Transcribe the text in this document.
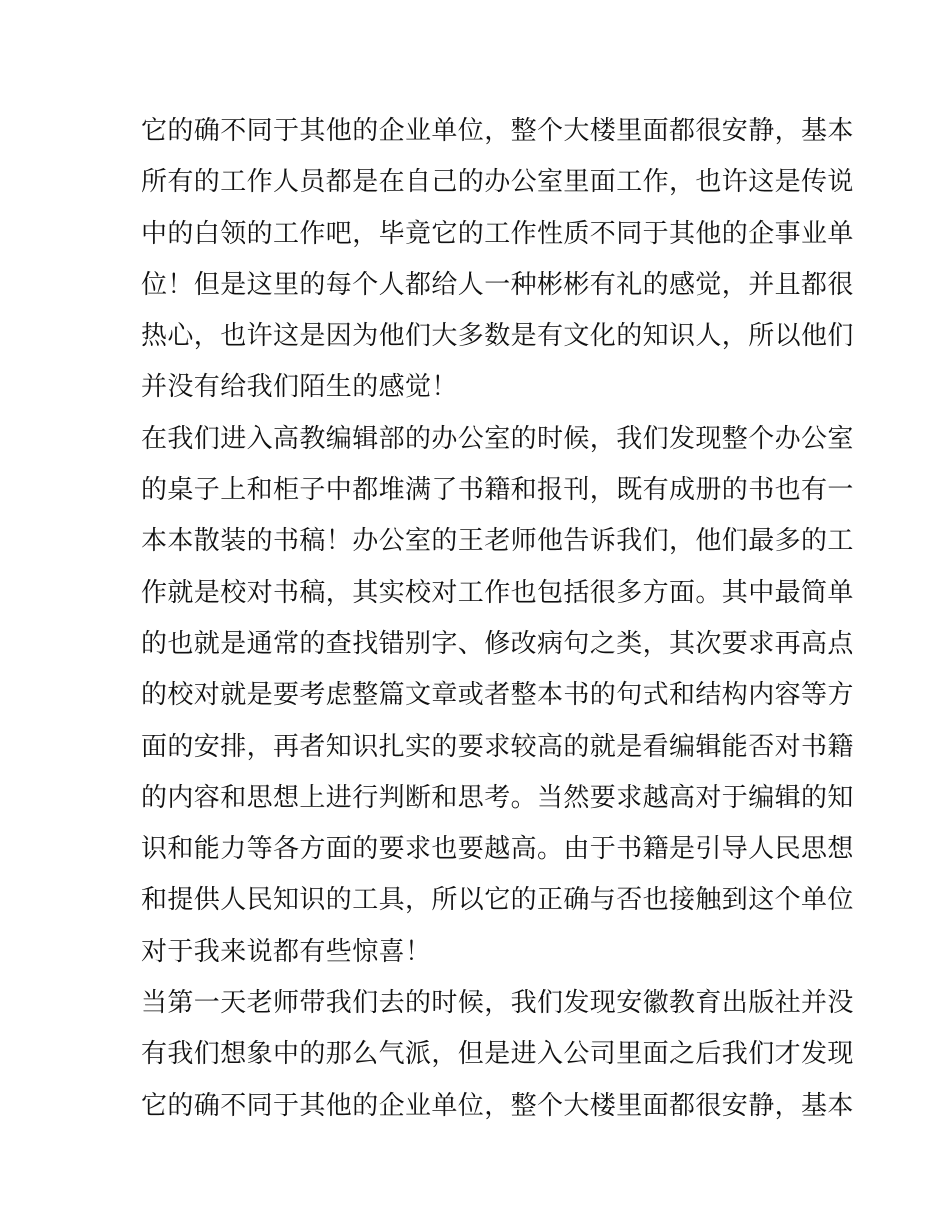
它的确不同于其他的企业单位，整个大楼里面都很安静，基本
所有的工作人员都是在自己的办公室里面工作，也许这是传说
中的白领的工作吧，毕竟它的工作性质不同于其他的企事业单
位！但是这里的每个人都给人一种彬彬有礼的感觉，并且都很
热心，也许这是因为他们大多数是有文化的知识人，所以他们
并没有给我们陌生的感觉！
在我们进入高教编辑部的办公室的时候，我们发现整个办公室
的桌子上和柜子中都堆满了书籍和报刊，既有成册的书也有一
本本散装的书稿！办公室的王老师他告诉我们，他们最多的工
作就是校对书稿，其实校对工作也包括很多方面。其中最简单
的也就是通常的查找错别字、修改病句之类，其次要求再高点
的校对就是要考虑整篇文章或者整本书的句式和结构内容等方
面的安排，再者知识扎实的要求较高的就是看编辑能否对书籍
的内容和思想上进行判断和思考。当然要求越高对于编辑的知
识和能力等各方面的要求也要越高。由于书籍是引导人民思想
和提供人民知识的工具，所以它的正确与否也接触到这个单位
对于我来说都有些惊喜！
当第一天老师带我们去的时候，我们发现安徽教育出版社并没
有我们想象中的那么气派，但是进入公司里面之后我们才发现
它的确不同于其他的企业单位，整个大楼里面都很安静，基本
